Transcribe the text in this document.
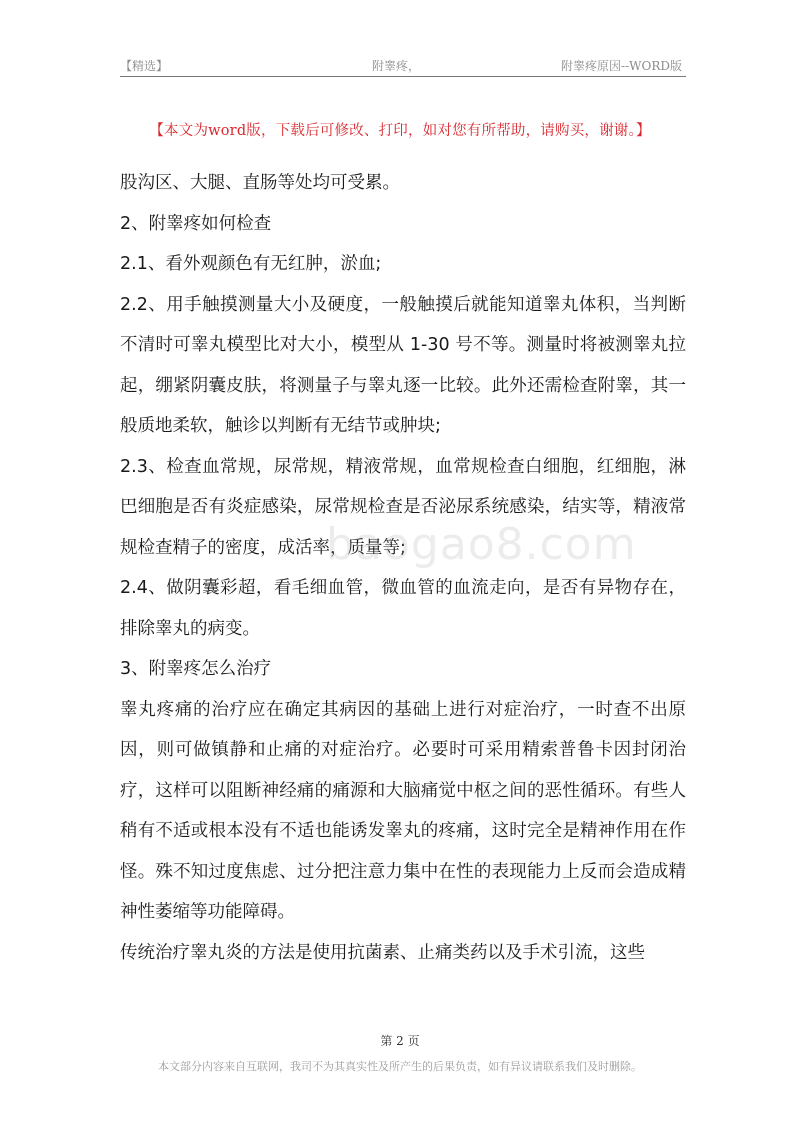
【精选】	附睾疼，	附睾疼原因--WORD版
【本文为word版，下载后可修改、打印，如对您有所帮助，请购买，谢谢。】

股沟区、大腿、直肠等处均可受累。

2、附睾疼如何检查

2.1、看外观颜色有无红肿，淤血;

2.2、用手触摸测量大小及硬度，一般触摸后就能知道睾丸体积，当判断不清时可睾丸模型比对大小，模型从 1-30 号不等。测量时将被测睾丸拉起，绷紧阴囊皮肤，将测量子与睾丸逐一比较。此外还需检查附睾，其一般质地柔软，触诊以判断有无结节或肿块;

2.3、检查血常规，尿常规，精液常规，血常规检查白细胞，红细胞，淋巴细胞是否有炎症感染，尿常规检查是否泌尿系统感染，结实等，精液常规检查精子的密度，成活率，质量等;

2.4、做阴囊彩超，看毛细血管，微血管的血流走向，是否有异物存在，排除睾丸的病变。

3、附睾疼怎么治疗

睾丸疼痛的治疗应在确定其病因的基础上进行对症治疗，一时查不出原因，则可做镇静和止痛的对症治疗。必要时可采用精索普鲁卡因封闭治疗，这样可以阻断神经痛的痛源和大脑痛觉中枢之间的恶性循环。有些人稍有不适或根本没有不适也能诱发睾丸的疼痛，这时完全是精神作用在作怪。殊不知过度焦虑、过分把注意力集中在性的表现能力上反而会造成精神性萎缩等功能障碍。

传统治疗睾丸炎的方法是使用抗菌素、止痛类药以及手术引流，这些

baogao8.com
第 2 页
本文部分内容来自互联网，我司不为其真实性及所产生的后果负责，如有异议请联系我们及时删除。
